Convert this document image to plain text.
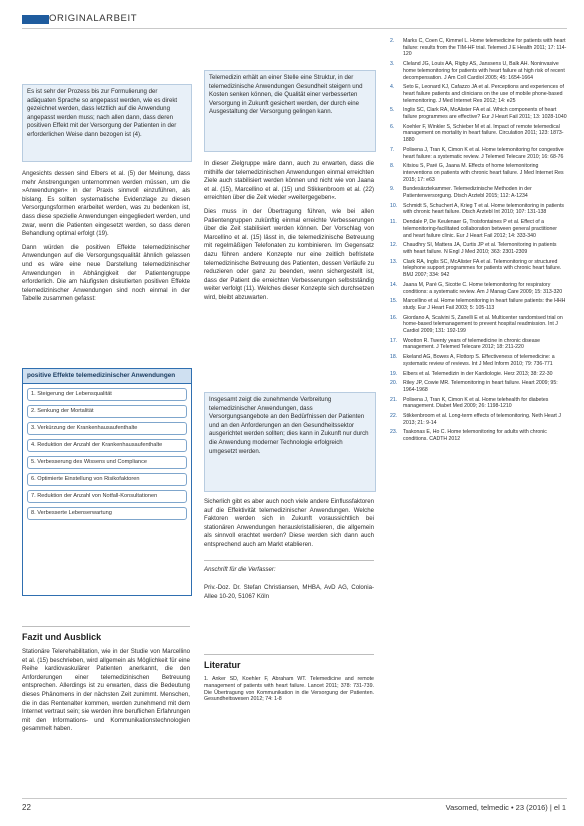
ORIGINALARBEIT

Es ist sehr der Prozess bis zur Formulierung der adäquaten Sprache so angepasst werden, wie es direkt gezeichnet werden, dass letztlich auf die Anwendung angepasst werden muss; nach allen dann, dass deren positiven Effekt mit der Versorgung der Patienten in der erforderlichen Weise dann bezogen ist (4).

Angesichts dessen sind Elbers et al. (5) der Meinung, dass mehr Anstrengungen unternommen werden müssen, um die »Anwendungen« in der Praxis sinnvoll einzuführen, als bislang. Es sollten systematische Evidenzlage zu diesen Versorgungsformen erarbeitet werden, was zu bedenken ist, dass diese spezielle Anwendungen eingegliedert werden, und zwar, wenn die Patienten eingesetzt werden, so dass deren Behandlung optimal erfolgt (19).

Dann würden die positiven Effekte telemedizinischer Anwendungen auf die Versorgungsqualität ähnlich gelassen und es wäre eine neue Darstellung telemedizinischer Anwendungen in Abhängigkeit der Patientengruppe erforderlich. Die am häufigsten diskutierten positiven Effekte telemedizinischer Anwendungen sind noch einmal in der Tabelle zusammen gefasst:

positive Effekte telemedizinischer Anwendungen
1. Steigerung der Lebensqualität
2. Senkung der Mortalität
3. Verkürzung der Krankenhausaufenthalte
4. Reduktion der Anzahl der Krankenhausaufenthalte
5. Verbesserung des Wissens und Compliance
6. Optimierte Einstellung von Risikofaktoren
7. Reduktion der Anzahl von Notfall-Konsultationen
8. Verbesserte Lebenserwartung
Fazit und Ausblick

Stationäre Telerehabilitation, wie in der Studie von Marcellino et al. (15) beschrieben, wird allgemein als Möglichkeit für eine Reihe kardiovaskulärer Patienten anerkannt, die den Anforderungen einer telemedizinischen Betreuung entsprechen. Allerdings ist zu erwarten, dass die Bedeutung dieses Phänomens in der nächsten Zeit zunimmt. Menschen, die in das Rentenalter kommen, werden zunehmend mit dem Internet vertraut sein; sie werden ihre beruflichen Erfahrungen mit den Informations- und Kommunikationstechnologien gesammelt haben.

Telemedizin erhält an einer Stelle eine Struktur, in der telemedizinische Anwendungen Gesundheit steigern und Kosten senken können, die Qualität einer verbesserten Versorgung in Zukunft gesichert werden, der durch eine Ausgestaltung der Versorgung gelingen kann.

In dieser Zielgruppe wäre dann, auch zu erwarten, dass die mithilfe der telemedizinischen Anwendungen einmal erreichten Ziele auch stabilisiert werden können und nicht wie von Jaana et al. (15), Marcellino et al. (15) und Stikkenbroom et al. (22) erreichten über die Zeit wieder »weitergegeben«.

Dies muss in der Übertragung führen, wie bei allen Patientengruppen zukünftig einmal erreichte Verbesserungen über die Zeit stabilisiert werden können. Der Vorschlag von Marcellino et al. (15) lässt in, die telemedizinische Betreuung mit regelmäßigen Telefonaten zu kombinieren. Im Gegensatz dazu führen andere Konzepte nur eine zeitlich befristete telemedizinische Betreuung des Patienten, dessen Verläufe zu reduzieren oder ganz zu beenden, wenn sichergestellt ist, dass der Patient die erreichten Verbesserungen selbstständig weiter verfolgt (11). Welches dieser Konzepte sich durchsetzen wird, bleibt abzuwarten.

Insgesamt zeigt die zunehmende Verbreitung telemedizinischer Anwendungen, dass Versorgungsangebote an den Bedürfnissen der Patienten und an den Anforderungen an den Gesundheitssektor ausgerichtet werden sollten; dies kann in Zukunft nur durch die Anwendung moderner Technologie erfolgreich umgesetzt werden.

Sicherlich gibt es aber auch noch viele andere Einflussfaktoren auf die Effektivität telemedizinischer Anwendungen. Welche Faktoren werden sich in Zukunft voraussichtlich bei stationären Anwendungen herauskristallisieren, die allgemein als sinnvoll erachtet werden? Diese werden sich dann auch entsprechend auch am Markt etablieren.

Anschrift für die Verfasser:
Priv.-Doz. Dr. Stefan Christiansen, MHBA, AvD AG, Colonia-Allee 10-20, 51067 Köln
Literatur
1. Anker SD, Koehler F, Abraham WT. Telemedicine and remote management of patients with heart failure. Lancet 2011; 378: 731-739. Die Übertragung von Kommunikation in die Versorgung der Patienten. Gesundheitswesen 2012; 74: 1-8
2.	Marks C, Coen C, Kimmel L. Home telemedicine for patients with heart failure: results from the TIM-HF trial. Telemed J E Health 2011; 17: 114-120
3.	Cleland JG, Louis AA, Rigby AS, Janssens U, Balk AH. Noninvasive home telemonitoring for patients with heart failure at high risk of recent decompensation. J Am Coll Cardiol 2005; 45: 1654-1664
4.	Seto E, Leonard KJ, Cafazzo JA et al. Perceptions and experiences of heart failure patients and clinicians on the use of mobile phone-based telemonitoring. J Med Internet Res 2012; 14: e25
5.	Inglis SC, Clark RA, McAlister FA et al. Which components of heart failure programmes are effective? Eur J Heart Fail 2011; 13: 1028-1040
6.	Koehler F, Winkler S, Schieber M et al. Impact of remote telemedical management on mortality in heart failure. Circulation 2011; 123: 1873-1880
7.	Polisena J, Tran K, Cimon K et al. Home telemonitoring for congestive heart failure: a systematic review. J Telemed Telecare 2010; 16: 68-76
8.	Kitsiou S, Paré G, Jaana M. Effects of home telemonitoring interventions on patients with chronic heart failure. J Med Internet Res 2015; 17: e63
9.	Bundesärztekammer. Telemedizinische Methoden in der Patientenversorgung. Dtsch Arztebl 2015; 112: A-1234
10.	Schmidt S, Schuchert A, Krieg T et al. Home telemonitoring in patients with chronic heart failure. Dtsch Arztebl Int 2010; 107: 131-138
11.	Dendale P, De Keulenaer G, Troisfontaines P et al. Effect of a telemonitoring-facilitated collaboration between general practitioner and heart failure clinic. Eur J Heart Fail 2012; 14: 333-340
12.	Chaudhry SI, Mattera JA, Curtis JP et al. Telemonitoring in patients with heart failure. N Engl J Med 2010; 363: 2301-2309
13.	Clark RA, Inglis SC, McAlister FA et al. Telemonitoring or structured telephone support programmes for patients with chronic heart failure. BMJ 2007; 334: 942
14.	Jaana M, Paré G, Sicotte C. Home telemonitoring for respiratory conditions: a systematic review. Am J Manag Care 2009; 15: 313-320
15.	Marcellino et al. Home telemonitoring in heart failure patients: the HHH study. Eur J Heart Fail 2003; 5: 105-113
16.	Giordano A, Scalvini S, Zanelli E et al. Multicenter randomised trial on home-based telemanagement to prevent hospital readmission. Int J Cardiol 2009; 131: 192-199
17.	Wootton R. Twenty years of telemedicine in chronic disease management. J Telemed Telecare 2012; 18: 211-220
18.	Ekeland AG, Bowes A, Flottorp S. Effectiveness of telemedicine: a systematic review of reviews. Int J Med Inform 2010; 79: 736-771
19.	Elbers et al. Telemedizin in der Kardiologie. Herz 2013; 38: 22-30
20.	Riley JP, Cowie MR. Telemonitoring in heart failure. Heart 2009; 95: 1964-1968
21.	Polisena J, Tran K, Cimon K et al. Home telehealth for diabetes management. Diabet Med 2009; 26: 1198-1210
22.	Stikkenbroom et al. Long-term effects of telemonitoring. Neth Heart J 2013; 21: 9-14
23.	Tsakonas E, Ho C. Home telemonitoring for adults with chronic conditions. CADTH 2012
22	Vasomed, telmedic • 23 (2016) | el 1
